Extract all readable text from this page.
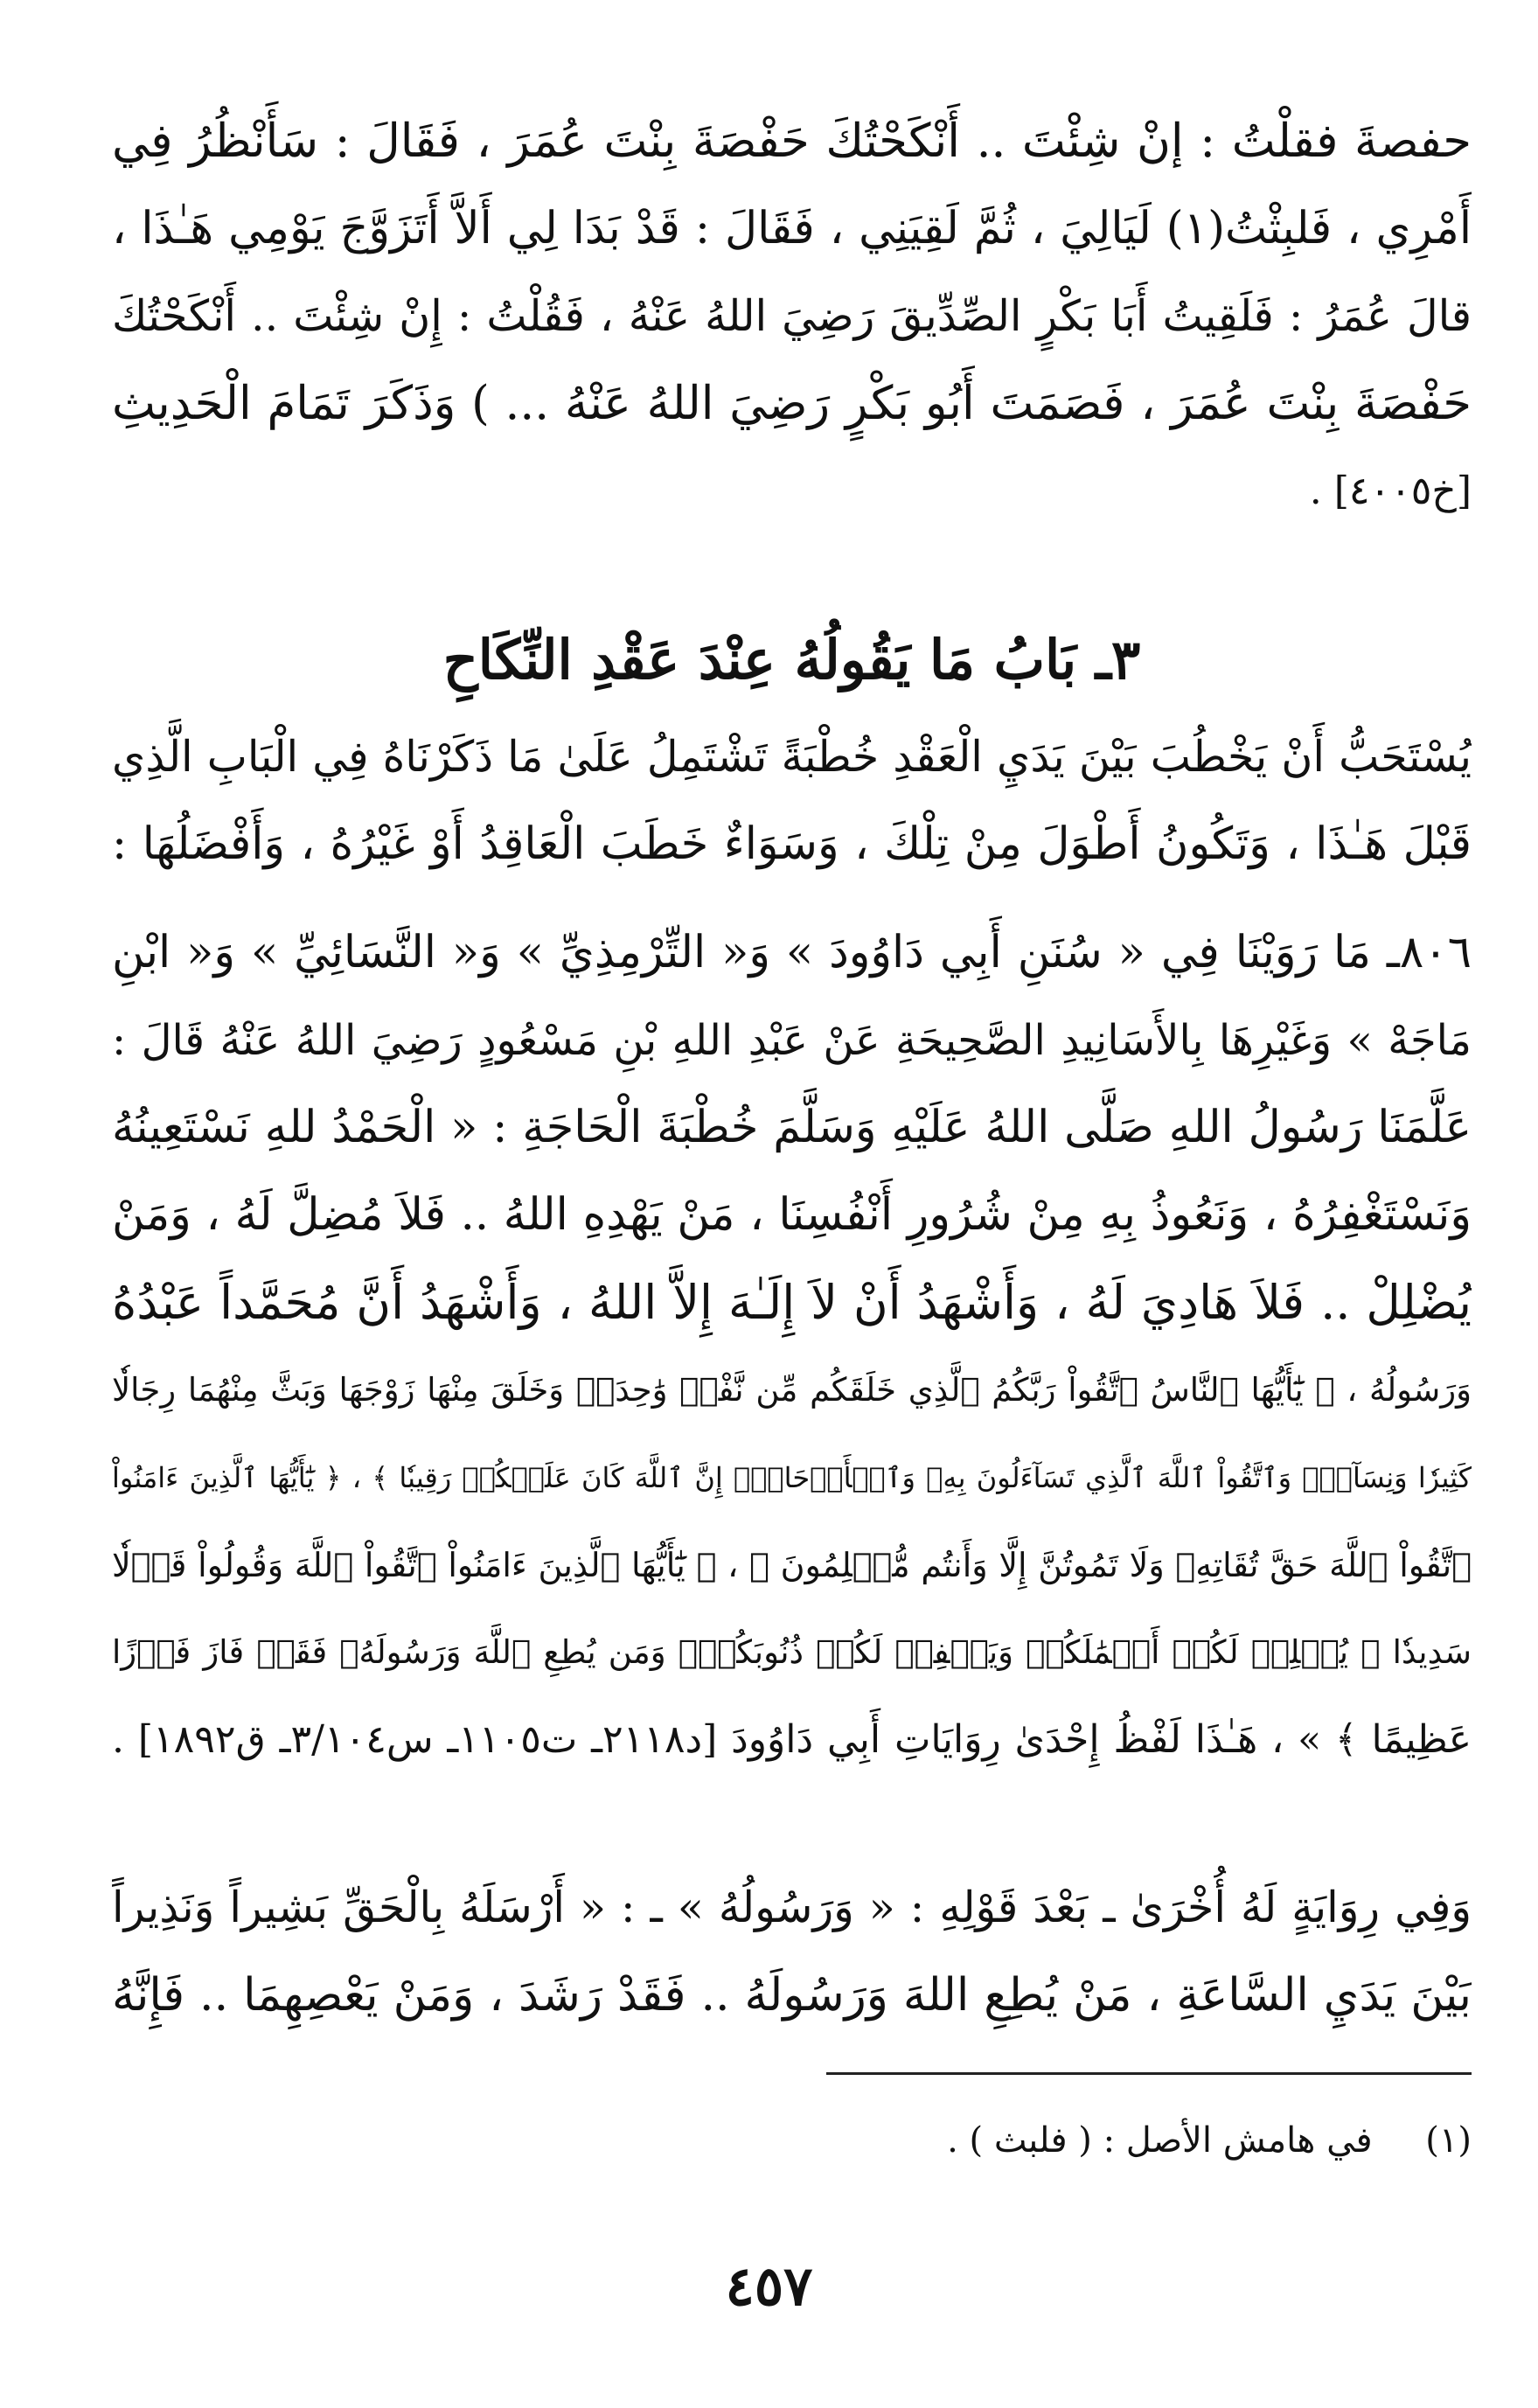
حفصةَ فقلْتُ : إنْ شِئْتَ .. أَنْكَحْتُكَ حَفْصَةَ بِنْتَ عُمَرَ ، فَقَالَ : سَأَنْظُرُ فِي
أَمْرِي ، فَلبِثْتُ(١) لَيَالِيَ ، ثُمَّ لَقِيَنِي ، فَقَالَ : قَدْ بَدَا لِي أَلاَّ أَتَزَوَّجَ يَوْمِي هَـٰذَا ،
قالَ عُمَرُ : فَلَقِيتُ أَبَا بَكْرٍ الصِّدِّيقَ رَضِيَ اللهُ عَنْهُ ، فَقُلْتُ : إِنْ شِئْتَ .. أَنْكَحْتُكَ
حَفْصَةَ بِنْتَ عُمَرَ ، فَصَمَتَ أَبُو بَكْرٍ رَضِيَ اللهُ عَنْهُ ... ) وَذَكَرَ تَمَامَ الْحَدِيثِ
[خ٤٠٠٥] .
٣ـ بَابُ مَا يَقُولُهُ عِنْدَ عَقْدِ النِّكَاحِ
يُسْتَحَبُّ أَنْ يَخْطُبَ بَيْنَ يَدَيِ الْعَقْدِ خُطْبَةً تَشْتَمِلُ عَلَىٰ مَا ذَكَرْنَاهُ فِي الْبَابِ الَّذِي
قَبْلَ هَـٰذَا ، وَتَكُونُ أَطْوَلَ مِنْ تِلْكَ ، وَسَوَاءٌ خَطَبَ الْعَاقِدُ أَوْ غَيْرُهُ ، وَأَفْضَلُهَا :
٨٠٦ـ مَا رَوَيْنَا فِي « سُنَنِ أَبِي دَاوُودَ » وَ« التِّرْمِذِيِّ » وَ« النَّسَائِيِّ » وَ« ابْنِ
مَاجَهْ » وَغَيْرِهَا بِالأَسَانِيدِ الصَّحِيحَةِ عَنْ عَبْدِ اللهِ بْنِ مَسْعُودٍ رَضِيَ اللهُ عَنْهُ قَالَ :
عَلَّمَنَا رَسُولُ اللهِ صَلَّى اللهُ عَلَيْهِ وَسَلَّمَ خُطْبَةَ الْحَاجَةِ : « الْحَمْدُ للهِ نَسْتَعِينُهُ
وَنَسْتَغْفِرُهُ ، وَنَعُوذُ بِهِ مِنْ شُرُورِ أَنْفُسِنَا ، مَنْ يَهْدِهِ اللهُ .. فَلاَ مُضِلَّ لَهُ ، وَمَنْ
يُضْلِلْ .. فَلاَ هَادِيَ لَهُ ، وَأَشْهَدُ أَنْ لاَ إِلَـٰهَ إِلاَّ اللهُ ، وَأَشْهَدُ أَنَّ مُحَمَّداً عَبْدُهُ
وَرَسُولُهُ ، ﴿ يَٰٓأَيُّهَا ٱلنَّاسُ ٱتَّقُواْ رَبَّكُمُ ٱلَّذِي خَلَقَكُم مِّن نَّفْسٖ وَٰحِدَةٖ وَخَلَقَ مِنْهَا زَوْجَهَا وَبَثَّ مِنْهُمَا رِجَالٗا
كَثِيرٗا وَنِسَآءٗۚ وَٱتَّقُواْ ٱللَّهَ ٱلَّذِي تَسَآءَلُونَ بِهِۦ وَٱلۡأَرۡحَامَۚ إِنَّ ٱللَّهَ كَانَ عَلَيۡكُمۡ رَقِيبٗا ﴾ ، ﴿ يَٰٓأَيُّهَا ٱلَّذِينَ ءَامَنُواْ
ٱتَّقُواْ ٱللَّهَ حَقَّ تُقَاتِهِۦ وَلَا تَمُوتُنَّ إِلَّا وَأَنتُم مُّسۡلِمُونَ ﴾ ، ﴿ يَٰٓأَيُّهَا ٱلَّذِينَ ءَامَنُواْ ٱتَّقُواْ ٱللَّهَ وَقُولُواْ قَوۡلٗا
سَدِيدٗا ۞ يُصۡلِحۡ لَكُمۡ أَعۡمَٰلَكُمۡ وَيَغۡفِرۡ لَكُمۡ ذُنُوبَكُمۡۗ وَمَن يُطِعِ ٱللَّهَ وَرَسُولَهُۥ فَقَدۡ فَازَ فَوۡزًا
عَظِيمًا ﴾ » ، هَـٰذَا لَفْظُ إِحْدَىٰ رِوَايَاتِ أَبِي دَاوُودَ [د٢١١٨ـ ت١١٠٥ـ س٣/١٠٤ـ ق١٨٩٢] .
وَفِي رِوَايَةٍ لَهُ أُخْرَىٰ ـ بَعْدَ قَوْلِهِ : « وَرَسُولُهُ » ـ : « أَرْسَلَهُ بِالْحَقِّ بَشِيراً وَنَذِيراً
بَيْنَ يَدَيِ السَّاعَةِ ، مَنْ يُطِعِ اللهَ وَرَسُولَهُ .. فَقَدْ رَشَدَ ، وَمَنْ يَعْصِهِمَا .. فَإِنَّهُ
(١) في هامش الأصل : ( فلبث ) .
٤٥٧
